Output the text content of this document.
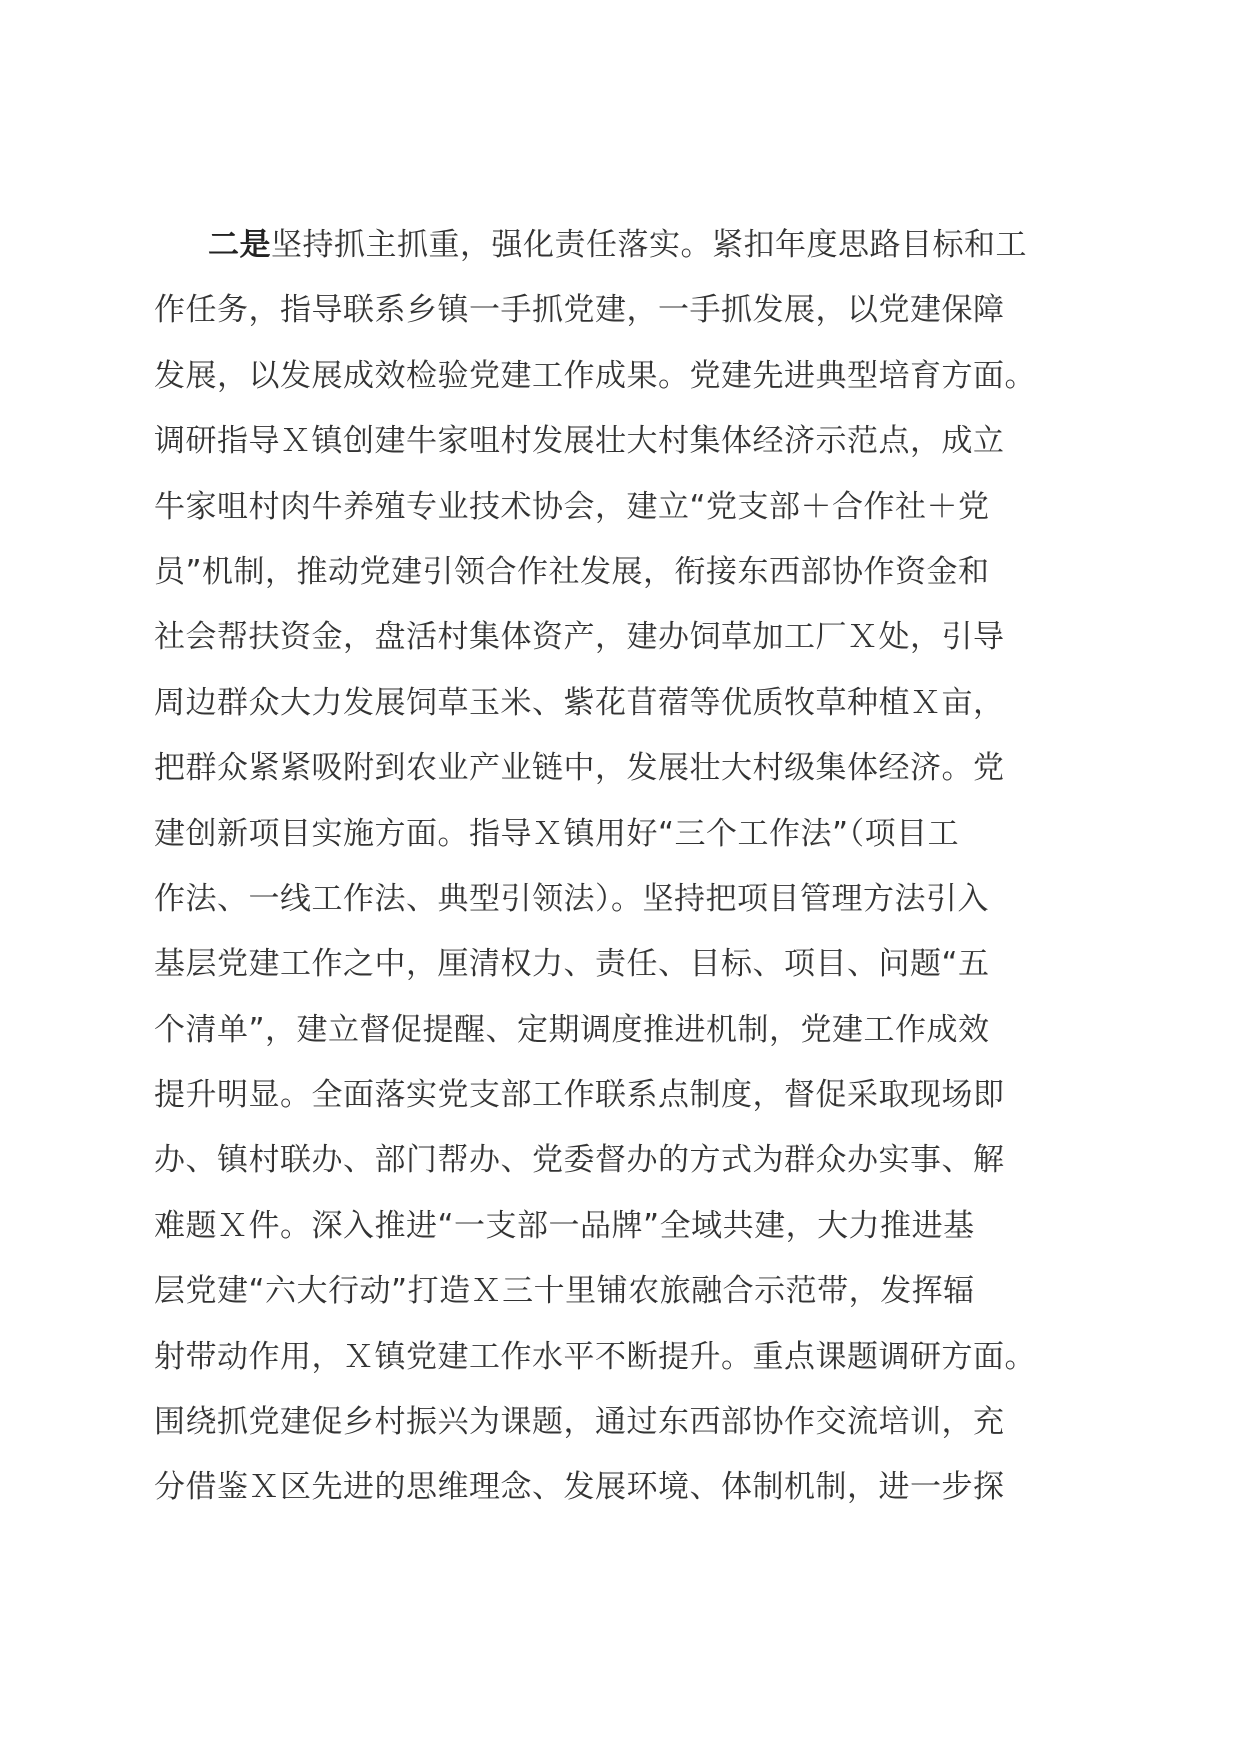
二是坚持抓主抓重，强化责任落实。紧扣年度思路目标和工
作任务，指导联系乡镇一手抓党建，一手抓发展，以党建保障
发展，以发展成效检验党建工作成果。党建先进典型培育方面。
调研指导Ｘ镇创建牛家咀村发展壮大村集体经济示范点，成立
牛家咀村肉牛养殖专业技术协会，建立“党支部＋合作社＋党
员”机制，推动党建引领合作社发展，衔接东西部协作资金和
社会帮扶资金，盘活村集体资产，建办饲草加工厂Ｘ处，引导
周边群众大力发展饲草玉米、紫花苜蓿等优质牧草种植Ｘ亩，
把群众紧紧吸附到农业产业链中，发展壮大村级集体经济。党
建创新项目实施方面。指导Ｘ镇用好“三个工作法”（项目工
作法、一线工作法、典型引领法）。坚持把项目管理方法引入
基层党建工作之中，厘清权力、责任、目标、项目、问题“五
个清单”，建立督促提醒、定期调度推进机制，党建工作成效
提升明显。全面落实党支部工作联系点制度，督促采取现场即
办、镇村联办、部门帮办、党委督办的方式为群众办实事、解
难题Ｘ件。深入推进“一支部一品牌”全域共建，大力推进基
层党建“六大行动”打造Ｘ三十里铺农旅融合示范带，发挥辐
射带动作用，Ｘ镇党建工作水平不断提升。重点课题调研方面。
围绕抓党建促乡村振兴为课题，通过东西部协作交流培训，充
分借鉴Ｘ区先进的思维理念、发展环境、体制机制，进一步探
